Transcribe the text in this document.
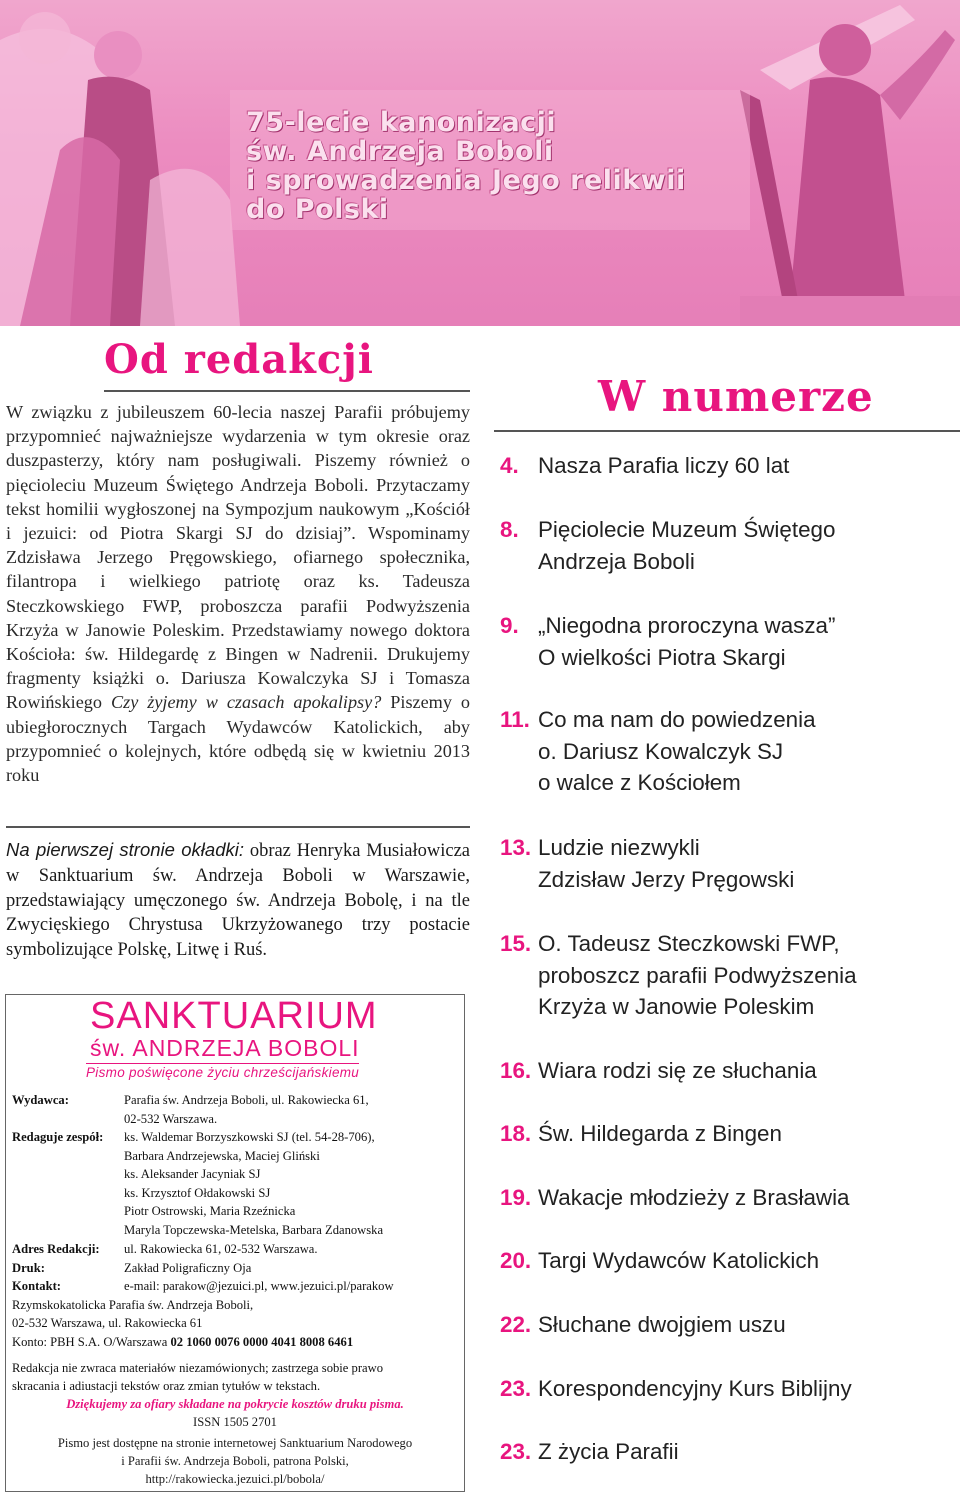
75-lecie kanonizacji
św. Andrzeja Boboli
i sprowadzenia Jego relikwii
do Polski
Od redakcji

W związku z jubileuszem 60-lecia naszej Parafii próbujemy przypomnieć najważniejsze wydarzenia w tym okresie oraz duszpasterzy, który nam posługiwali. Piszemy również o pięcioleciu Muzeum Świętego Andrzeja Boboli. Przytaczamy tekst homilii wygłoszonej na Sympozjum naukowym „Kościół i jezuici: od Piotra Skargi SJ do dzisiaj”. Wspominamy Zdzisława Jerzego Pręgowskiego, ofiarnego społecznika, filantropa i wielkiego patriotę oraz ks. Tadeusza Steczkowskiego FWP, proboszcza parafii Podwyższenia Krzyża w Janowie Poleskim. Przedstawiamy nowego doktora Kościoła: św. Hildegardę z Bingen w Nadrenii. Drukujemy fragmenty książki o. Dariusza Kowalczyka SJ i Tomasza Rowińskiego Czy żyjemy w czasach apokalipsy? Piszemy o ubiegłorocznych Targach Wydawców Katolickich, aby przypomnieć o kolejnych, które odbędą się w kwietniu 2013 roku

Na pierwszej stronie okładki: obraz Henryka Musiałowicza w Sanktuarium św. Andrzeja Boboli w Warszawie, przedstawiający umęczonego św. Andrzeja Bobolę, i na tle Zwycięskiego Chrystusa Ukrzyżowanego trzy postacie symbolizujące Polskę, Litwę i Ruś.

SANKTUARIUM
św. ANDRZEJA BOBOLI
Pismo poświęcone życiu chrześcijańskiemu
Wydawca:	Parafia św. Andrzeja Boboli, ul. Rakowiecka 61,
02-532 Warszawa.
Redaguje zespół: ks. Waldemar Borzyszkowski SJ (tel. 54-28-706),
Barbara Andrzejewska, Maciej Gliński
ks. Aleksander Jacyniak SJ
ks. Krzysztof Ołdakowski SJ
Piotr Ostrowski, Maria Rzeźnicka
Maryla Topczewska-Metelska, Barbara Zdanowska
Adres Redakcji: ul. Rakowiecka 61, 02-532 Warszawa.
Druk:	Zakład Poligraficzny Oja
Kontakt:	e-mail: parakow@jezuici.pl, www.jezuici.pl/parakow
Rzymskokatolicka Parafia św. Andrzeja Boboli,
02-532 Warszawa, ul. Rakowiecka 61
Konto: PBH S.A. O/Warszawa 02 1060 0076 0000 4041 8008 6461
Redakcja nie zwraca materiałów niezamówionych; zastrzega sobie prawo
skracania i adiustacji tekstów oraz zmian tytułów w tekstach.
Dziękujemy za ofiary składane na pokrycie kosztów druku pisma.
ISSN 1505 2701
Pismo jest dostępne na stronie internetowej Sanktuarium Narodowego
i Parafii św. Andrzeja Boboli, patrona Polski,
http://rakowiecka.jezuici.pl/bobola/
W numerze
4. Nasza Parafia liczy 60 lat
8. Pięciolecie Muzeum Świętego
Andrzeja Boboli
9. „Niegodna proroczyna wasza”
O wielkości Piotra Skargi
11. Co ma nam do powiedzenia
o. Dariusz Kowalczyk SJ
o walce z Kościołem
13. Ludzie niezwykli
Zdzisław Jerzy Pręgowski
15. O. Tadeusz Steczkowski FWP,
proboszcz parafii Podwyższenia
Krzyża w Janowie Poleskim
16. Wiara rodzi się ze słuchania
18. Św. Hildegarda z Bingen
19. Wakacje młodzieży z Brasławia
20. Targi Wydawców Katolickich
22. Słuchane dwojgiem uszu
23. Korespondencyjny Kurs Biblijny
23. Z życia Parafii
